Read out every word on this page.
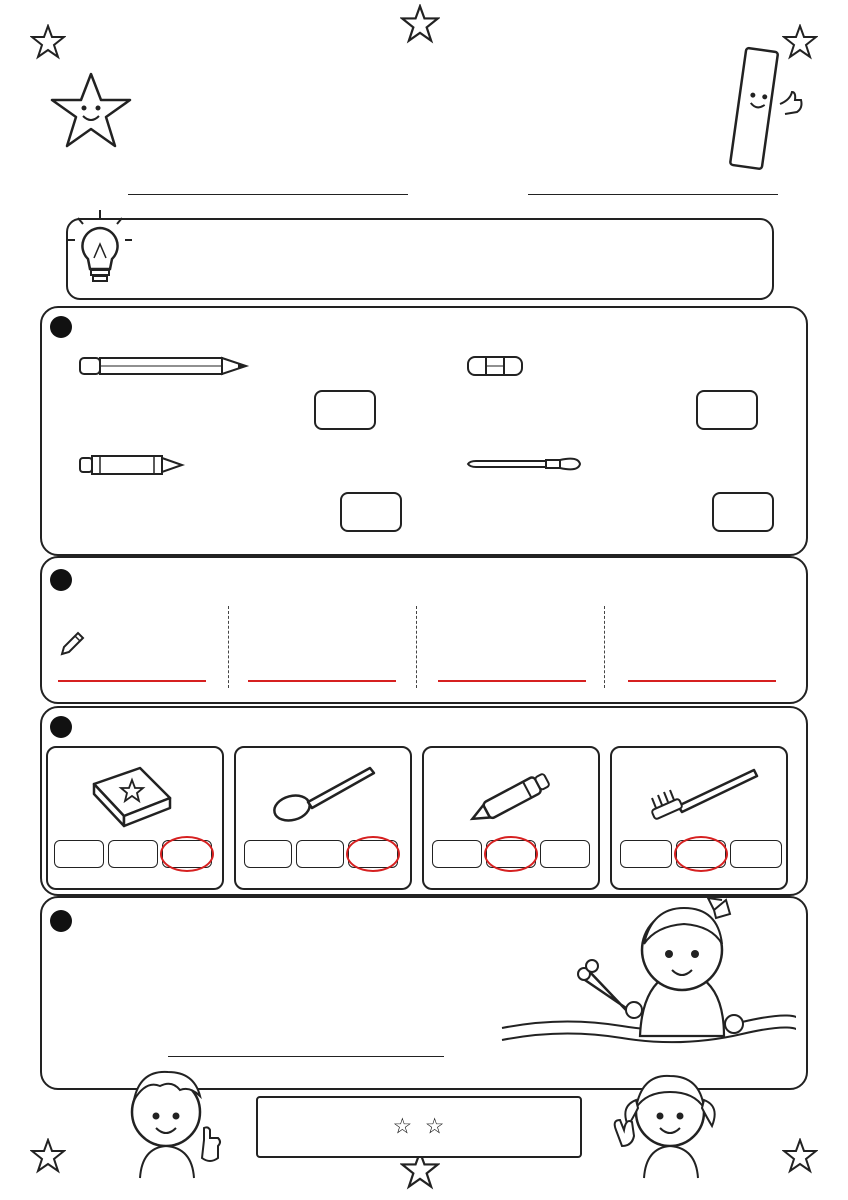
☆ ☆
